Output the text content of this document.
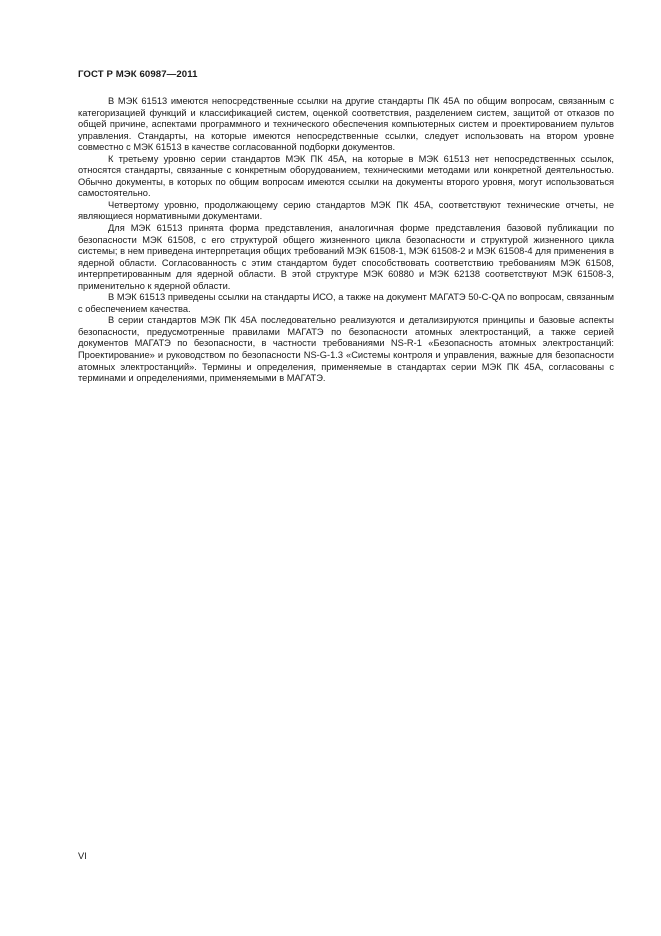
ГОСТ Р МЭК 60987—2011

В МЭК 61513 имеются непосредственные ссылки на другие стандарты ПК 45А по общим вопросам, связанным с категоризацией функций и классификацией систем, оценкой соответствия, разделением систем, защитой от отказов по общей причине, аспектами программного и технического обеспечения компьютерных систем и проектированием пультов управления. Стандарты, на которые имеются непосредственные ссылки, следует использовать на втором уровне совместно с МЭК 61513 в качестве согласованной подборки документов.

К третьему уровню серии стандартов МЭК ПК 45А, на которые в МЭК 61513 нет непосредственных ссылок, относятся стандарты, связанные с конкретным оборудованием, техническими методами или конкретной деятельностью. Обычно документы, в которых по общим вопросам имеются ссылки на документы второго уровня, могут использоваться самостоятельно.

Четвертому уровню, продолжающему серию стандартов МЭК ПК 45А, соответствуют технические отчеты, не являющиеся нормативными документами.

Для МЭК 61513 принята форма представления, аналогичная форме представления базовой публикации по безопасности МЭК 61508, с его структурой общего жизненного цикла безопасности и структурой жизненного цикла системы; в нем приведена интерпретация общих требований МЭК 61508-1, МЭК 61508-2 и МЭК 61508-4 для применения в ядерной области. Согласованность с этим стандартом будет способствовать соответствию требованиям МЭК 61508, интерпретированным для ядерной области. В этой структуре МЭК 60880 и МЭК 62138 соответствуют МЭК 61508-3, применительно к ядерной области.

В МЭК 61513 приведены ссылки на стандарты ИСО, а также на документ МАГАТЭ 50-C-QA по вопросам, связанным с обеспечением качества.

В серии стандартов МЭК ПК 45А последовательно реализуются и детализируются принципы и базовые аспекты безопасности, предусмотренные правилами МАГАТЭ по безопасности атомных электростанций, а также серией документов МАГАТЭ по безопасности, в частности требованиями NS-R-1 «Безопасность атомных электростанций: Проектирование» и руководством по безопасности NS-G-1.3 «Системы контроля и управления, важные для безопасности атомных электростанций». Термины и определения, применяемые в стандартах серии МЭК ПК 45А, согласованы с терминами и определениями, применяемыми в МАГАТЭ.

VI
